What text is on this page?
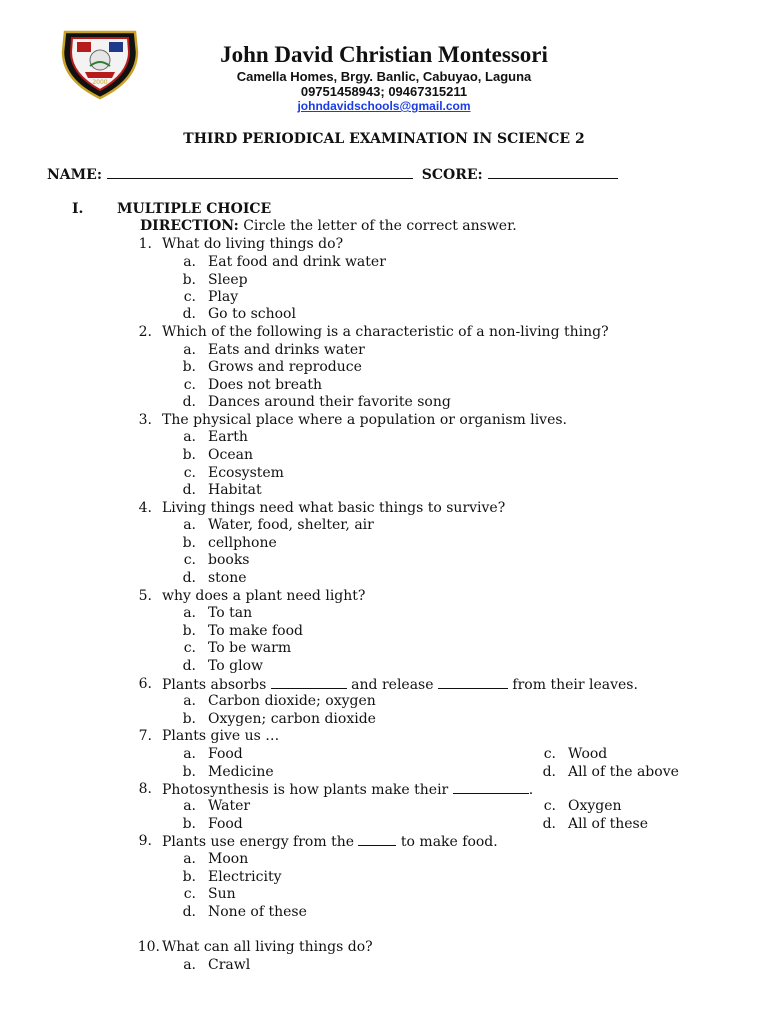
2000
John David Christian Montessori
Camella Homes, Brgy. Banlic, Cabuyao, Laguna
09751458943; 09467315211
johndavidschools@gmail.com
THIRD PERIODICAL EXAMINATION IN SCIENCE 2
NAME:	SCORE:
I. MULTIPLE CHOICE
DIRECTION: Circle the letter of the correct answer.
1. What do living things do?
a. Eat food and drink water
b. Sleep
c. Play
d. Go to school
2. Which of the following is a characteristic of a non-living thing?
a. Eats and drinks water
b. Grows and reproduce
c. Does not breath
d. Dances around their favorite song
3. The physical place where a population or organism lives.
a. Earth
b. Ocean
c. Ecosystem
d. Habitat
4. Living things need what basic things to survive?
a. Water, food, shelter, air
b. cellphone
c. books
d. stone
5. why does a plant need light?
a. To tan
b. To make food
c. To be warm
d. To glow
6. Plants absorbs	and release	from their leaves.
a. Carbon dioxide; oxygen
b. Oxygen; carbon dioxide
7. Plants give us …
a. Food
b. Medicine
c. Wood
d. All of the above
8. Photosynthesis is how plants make their	.
a. Water
b. Food
c. Oxygen
d. All of these
9. Plants use energy from the	to make food.
a. Moon
b. Electricity
c. Sun
d. None of these
10. What can all living things do?
a. Crawl
